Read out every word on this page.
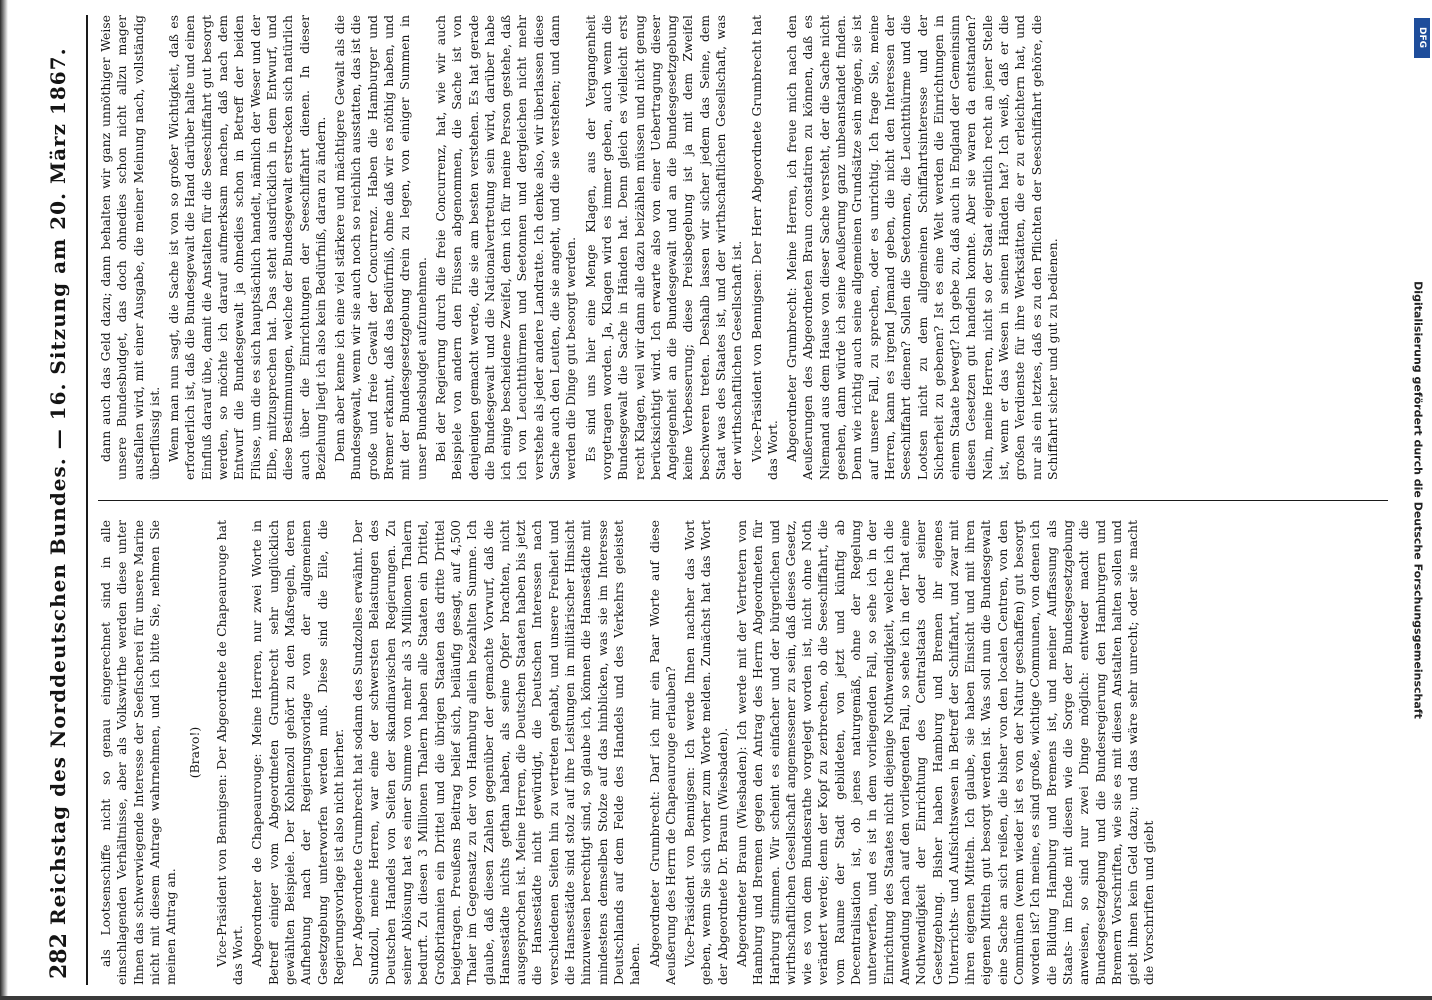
282
Reichstag des Norddeutschen Bundes. — 16. Sitzung am 20. März 1867. als Lootsenschiffe nicht so genau eingerechnet sind in alle einschlagenden Verhältnisse, aber als Volkswirthe werden diese unter Ihnen das schwerwiegende Interesse der Seefischerei für unsere Marine nicht mit diesem Antrage wahrnehmen, und ich bitte Sie, nehmen Sie meinen Antrag an.

(Bravo!) Vice-Präsident von Bennigsen: Der Abgeordnete de Chapeaurouge hat das Wort. Abgeordneter de Chapeaurouge: Meine Herren, nur zwei Worte in Betreff einiger vom Abgeordneten Grumbrecht sehr unglücklich gewählten Beispiele. Der Kohlenzoll gehört zu den Maßregeln, deren Aufhebung nach der Regierungsvorlage von der allgemeinen Gesetzgebung unterworfen werden muß. Diese sind die Eile, die Regierungsvorlage ist also nicht hierher. Der Abgeordnete Grumbrecht hat sodann des Sundzolles erwähnt. Der Sundzoll, meine Herren, war eine der schwersten Belastungen des Deutschen Handels von Seiten der skandinavischen Regierungen. Zu seiner Ablösung hat es einer Summe von mehr als 3 Millionen Thalern bedurft. Zu diesen 3 Millionen Thalern haben alle Staaten ein Drittel, Großbritannien ein Drittel und die übrigen Staaten das dritte Drittel beigetragen. Preußens Beitrag belief sich, beiläufig gesagt, auf 4,500 Thaler im Gegensatz zu der von Hamburg allein bezahlten Summe. Ich glaube, daß diesen Zahlen gegenüber der gemachte Vorwurf, daß die Hansestädte nichts gethan haben, als seine Opfer brachten, nicht ausgesprochen ist. Meine Herren, die Deutschen Staaten haben bis jetzt die Hansestädte nicht gewürdigt, die Deutschen Interessen nach verschiedenen Seiten hin zu vertreten gehabt, und unsere Freiheit und die Hansestädte sind stolz auf ihre Leistungen in militärischer Hinsicht hinzuweisen berechtigt sind, so glaube ich, können die Hansestädte mit mindestens demselben Stolze auf das hinblicken, was sie im Interesse Deutschlands auf dem Felde des Handels und des Verkehrs geleistet haben. Abgeordneter Grumbrecht: Darf ich mir ein Paar Worte auf diese Aeußerung des Herrn de Chapeaurouge erlauben? Vice-Präsident von Bennigsen: Ich werde Ihnen nachher das Wort geben, wenn Sie sich vorher zum Worte melden. Zunächst hat das Wort der Abgeordnete Dr. Braun (Wiesbaden). Abgeordneter Braun (Wiesbaden): Ich werde mit der Vertretern von Hamburg und Bremen gegen den Antrag des Herrn Abgeordneten für Harburg stimmen. Wir scheint es einfacher und der bürgerlichen und wirthschaftlichen Gesellschaft angemessener zu sein, daß dieses Gesetz, wie es von dem Bundesrathe vorgelegt worden ist, nicht ohne Noth verändert werde; denn der Kopf zu zerbrechen, ob die Seeschiffahrt, die vom Raume der Stadt gebildeten, von jetzt und künftig ab Decentralisation ist, ob jenes naturgemäß, ohne der Regelung unterwerfen, und es ist in dem vorliegenden Fall, so sehe ich in der Einrichtung des Staates nicht diejenige Nothwendigkeit, welche ich die Anwendung nach auf den vorliegenden Fall, so sehe ich in der That eine Nothwendigkeit der Einrichtung des Centralstaats oder seiner Gesetzgebung. Bisher haben Hamburg und Bremen ihr eigenes Unterrichts- und Aufsichtswesen in Betreff der Schiffahrt, und zwar mit ihren eigenen Mitteln. Ich glaube, sie haben Einsicht und mit ihren eigenen Mitteln gut besorgt werden ist. Was soll nun die Bundesgewalt eine Sache an sich reißen, die bisher von den localen Centren, von den Commünen (wenn wieder ist es von der Natur geschaffen) gut besorgt worden ist? Ich meine, es sind große, wichtige Communen, von denen ich die Bildung Hamburg und Bremens ist, und meiner Auffassung als Staats- im Ende mit diesen wie die Sorge der Bundesgesetzgebung anweisen, so sind nur zwei Dinge möglich: entweder macht die Bundesgesetzgebung und die Bundesregierung den Hamburgern und Bremern Vorschriften, wie sie es mit diesen Anstalten halten sollen und giebt ihnen kein Geld dazu; und das wäre sehr unrecht; oder sie macht die Vorschriften und giebt

dann auch das Geld dazu; dann behalten wir ganz unnöthiger Weise unsere Bundesbudget, das doch ohnedies schon nicht allzu mager ausfallen wird, mit einer Ausgabe, die meiner Meinung nach, vollständig überflüssig ist. Wenn man nun sagt, die Sache ist von so großer Wichtigkeit, daß es erforderlich ist, daß die Bundesgewalt die Hand darüber halte und einen Einfluß darauf übe, damit die Anstalten für die Seeschiffahrt gut besorgt werden, so möchte ich darauf aufmerksam machen, daß nach dem Entwurf die Bundesgewalt ja ohnedies schon in Betreff der beiden Flüsse, um die es sich hauptsächlich handelt, nämlich der Weser und der Elbe, mitzusprechen hat. Das steht ausdrücklich in dem Entwurf, und diese Bestimmungen, welche der Bundesgewalt erstrecken sich natürlich auch über die Einrichtungen der Seeschiffahrt dienen. In dieser Beziehung liegt ich also kein Bedürfniß, daran zu ändern. Denn aber kenne ich eine viel stärkere und mächtigere Gewalt als die Bundesgewalt, wenn wir sie auch noch so reichlich ausstatten, das ist die große und freie Gewalt der Concurrenz. Haben die Hamburger und Bremer erkannt, daß das Bedürfniß, ohne daß wir es nöthig haben, und mit der Bundesgesetzgebung drein zu legen, von einiger Summen in unser Bundesbudget aufzunehmen. Bei der Regierung durch die freie Concurrenz, hat, wie wir auch Beispiele von andern den Flüssen abgenommen, die Sache ist von denjenigen gemacht werde, die sie am besten verstehen. Es hat gerade die Bundesgewalt und die Nationalvertretung sein wird, darüber habe ich einige bescheidene Zweifel, denn ich für meine Person gestehe, daß ich von Leuchtthürmen und Seetonnen und dergleichen nicht mehr verstehe als jeder andere Landratte. Ich denke also, wir überlassen diese Sache auch den Leuten, die sie angeht, und die sie verstehen; und dann werden die Dinge gut besorgt werden. Es sind uns hier eine Menge Klagen, aus der Vergangenheit vorgetragen worden. Ja, Klagen wird es immer geben, auch wenn die Bundesgewalt die Sache in Händen hat. Denn gleich es vielleicht erst recht Klagen, weil wir dann alle dazu beizählen müssen und nicht genug berücksichtigt wird. Ich erwarte also von einer Uebertragung dieser Angelegenheit an die Bundesgewalt und an die Bundesgesetzgebung keine Verbesserung; diese Preisbegebung ist ja mit dem Zweifel beschweren treten. Deshalb lassen wir sicher jedem das Seine, dem Staat was des Staates ist, und der wirthschaftlichen Gesellschaft, was der wirthschaftlichen Gesellschaft ist. Vice-Präsident von Bennigsen: Der Herr Abgeordnete Grumbrecht hat das Wort. Abgeordneter Grumbrecht: Meine Herren, ich freue mich nach den Aeußerungen des Abgeordneten Braun constatiren zu können, daß es Niemand aus dem Hause von dieser Sache versteht, der die Sache nicht gesehen, dann würde ich seine Aeußerung ganz unbeanstandet finden. Denn wie richtig auch seine allgemeinen Grundsätze sein mögen, sie ist auf unsere Fall, zu sprechen, oder es unrichtig. Ich frage Sie, meine Herren, kann es irgend Jemand geben, die nicht den Interessen der Seeschiffahrt dienen? Sollen die Seetonnen, die Leuchtthürme und die Lootsen nicht zu dem allgemeinen Schiffahrtsinteresse und der Sicherheit zu gebenen? Ist es eine Welt werden die Einrichtungen in einem Staate bewegt? Ich gebe zu, daß auch in England der Gemeinsinn diesen Gesetzen gut handeln konnte. Aber sie waren da entstanden? Nein, meine Herren, nicht so der Staat eigentlich recht an jener Stelle ist, wenn er das Wesen in seinen Händen hat? Ich weiß, daß er die großen Verdienste für ihre Werkstätten, die er zu erleichtern hat, und nur als ein letztes, daß es zu den Pflichten der Seeschiffahrt gehöre, die Schiffahrt sicher und gut zu bedienen.

DFG
Digitalisierung gefördert durch die Deutsche Forschungsgemeinschaft
